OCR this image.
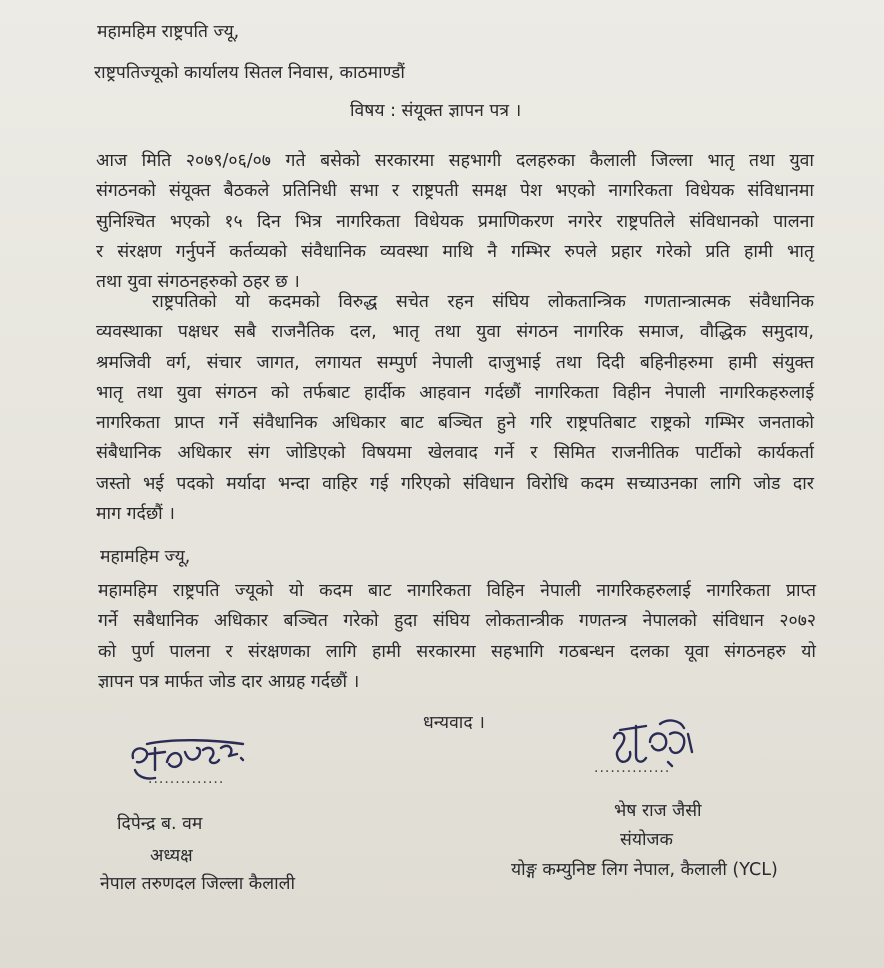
महामहिम राष्ट्रपति ज्यू,
राष्ट्रपतिज्यूको कार्यालय सितल निवास, काठमाण्डौं
विषय : संयूक्त ज्ञापन पत्र ।
आज मिति २०७९/०६/०७ गते बसेको सरकारमा सहभागी दलहरुका कैलाली जिल्ला भातृ तथा युवा
संगठनको संयूक्त बैठकले प्रतिनिधी सभा र राष्ट्रपती समक्ष पेश भएको नागरिकता विधेयक संविधानमा
सुनिश्चित भएको १५ दिन भित्र नागरिकता विधेयक प्रमाणिकरण नगरेर राष्ट्रपतिले संविधानको पालना
र संरक्षण गर्नुपर्ने कर्तव्यको संवैधानिक व्यवस्था माथि नै गम्भिर रुपले प्रहार गरेको प्रति हामी भातृ
तथा युवा संगठनहरुको ठहर छ ।
राष्ट्रपतिको यो कदमको विरुद्ध सचेत रहन संघिय लोकतान्त्रिक गणतान्त्रात्मक संवैधानिक
व्यवस्थाका पक्षधर सबै राजनैतिक दल, भातृ तथा युवा संगठन नागरिक समाज, वौद्धिक समुदाय,
श्रमजिवी वर्ग, संचार जागत, लगायत सम्पुर्ण नेपाली दाजुभाई तथा दिदी बहिनीहरुमा हामी संयुक्त
भातृ तथा युवा संगठन को तर्फबाट हार्दीक आहवान गर्दछौं नागरिकता विहीन नेपाली नागरिकहरुलाई
नागरिकता प्राप्त गर्ने संवैधानिक अधिकार बाट बञ्चित हुने गरि राष्ट्रपतिबाट राष्ट्रको गम्भिर जनताको
संबैधानिक अधिकार संग जोडिएको विषयमा खेलवाद गर्ने र सिमित राजनीतिक पार्टीको कार्यकर्ता
जस्तो भई पदको मर्यादा भन्दा वाहिर गई गरिएको संविधान विरोधि कदम सच्याउनका लागि जोड दार
माग गर्दछौं ।
महामहिम ज्यू,
महामहिम राष्ट्रपति ज्यूको यो कदम बाट नागरिकता विहिन नेपाली नागरिकहरुलाई नागरिकता प्राप्त
गर्ने सबैधानिक अधिकार बञ्चित गरेको हुदा संघिय लोकतान्त्रीक गणतन्त्र नेपालको संविधान २०७२
को पुर्ण पालना र संरक्षणका लागि हामी सरकारमा सहभागि गठबन्धन दलका यूवा संगठनहरु यो
ज्ञापन पत्र मार्फत जोड दार आग्रह गर्दछौं ।
धन्यवाद ।
..............
..............
दिपेन्द्र ब. वम
अध्यक्ष
नेपाल तरुणदल जिल्ला कैलाली
भेष राज जैसी
संयोजक
योङ्ग कम्युनिष्ट लिग नेपाल, कैलाली (YCL)
